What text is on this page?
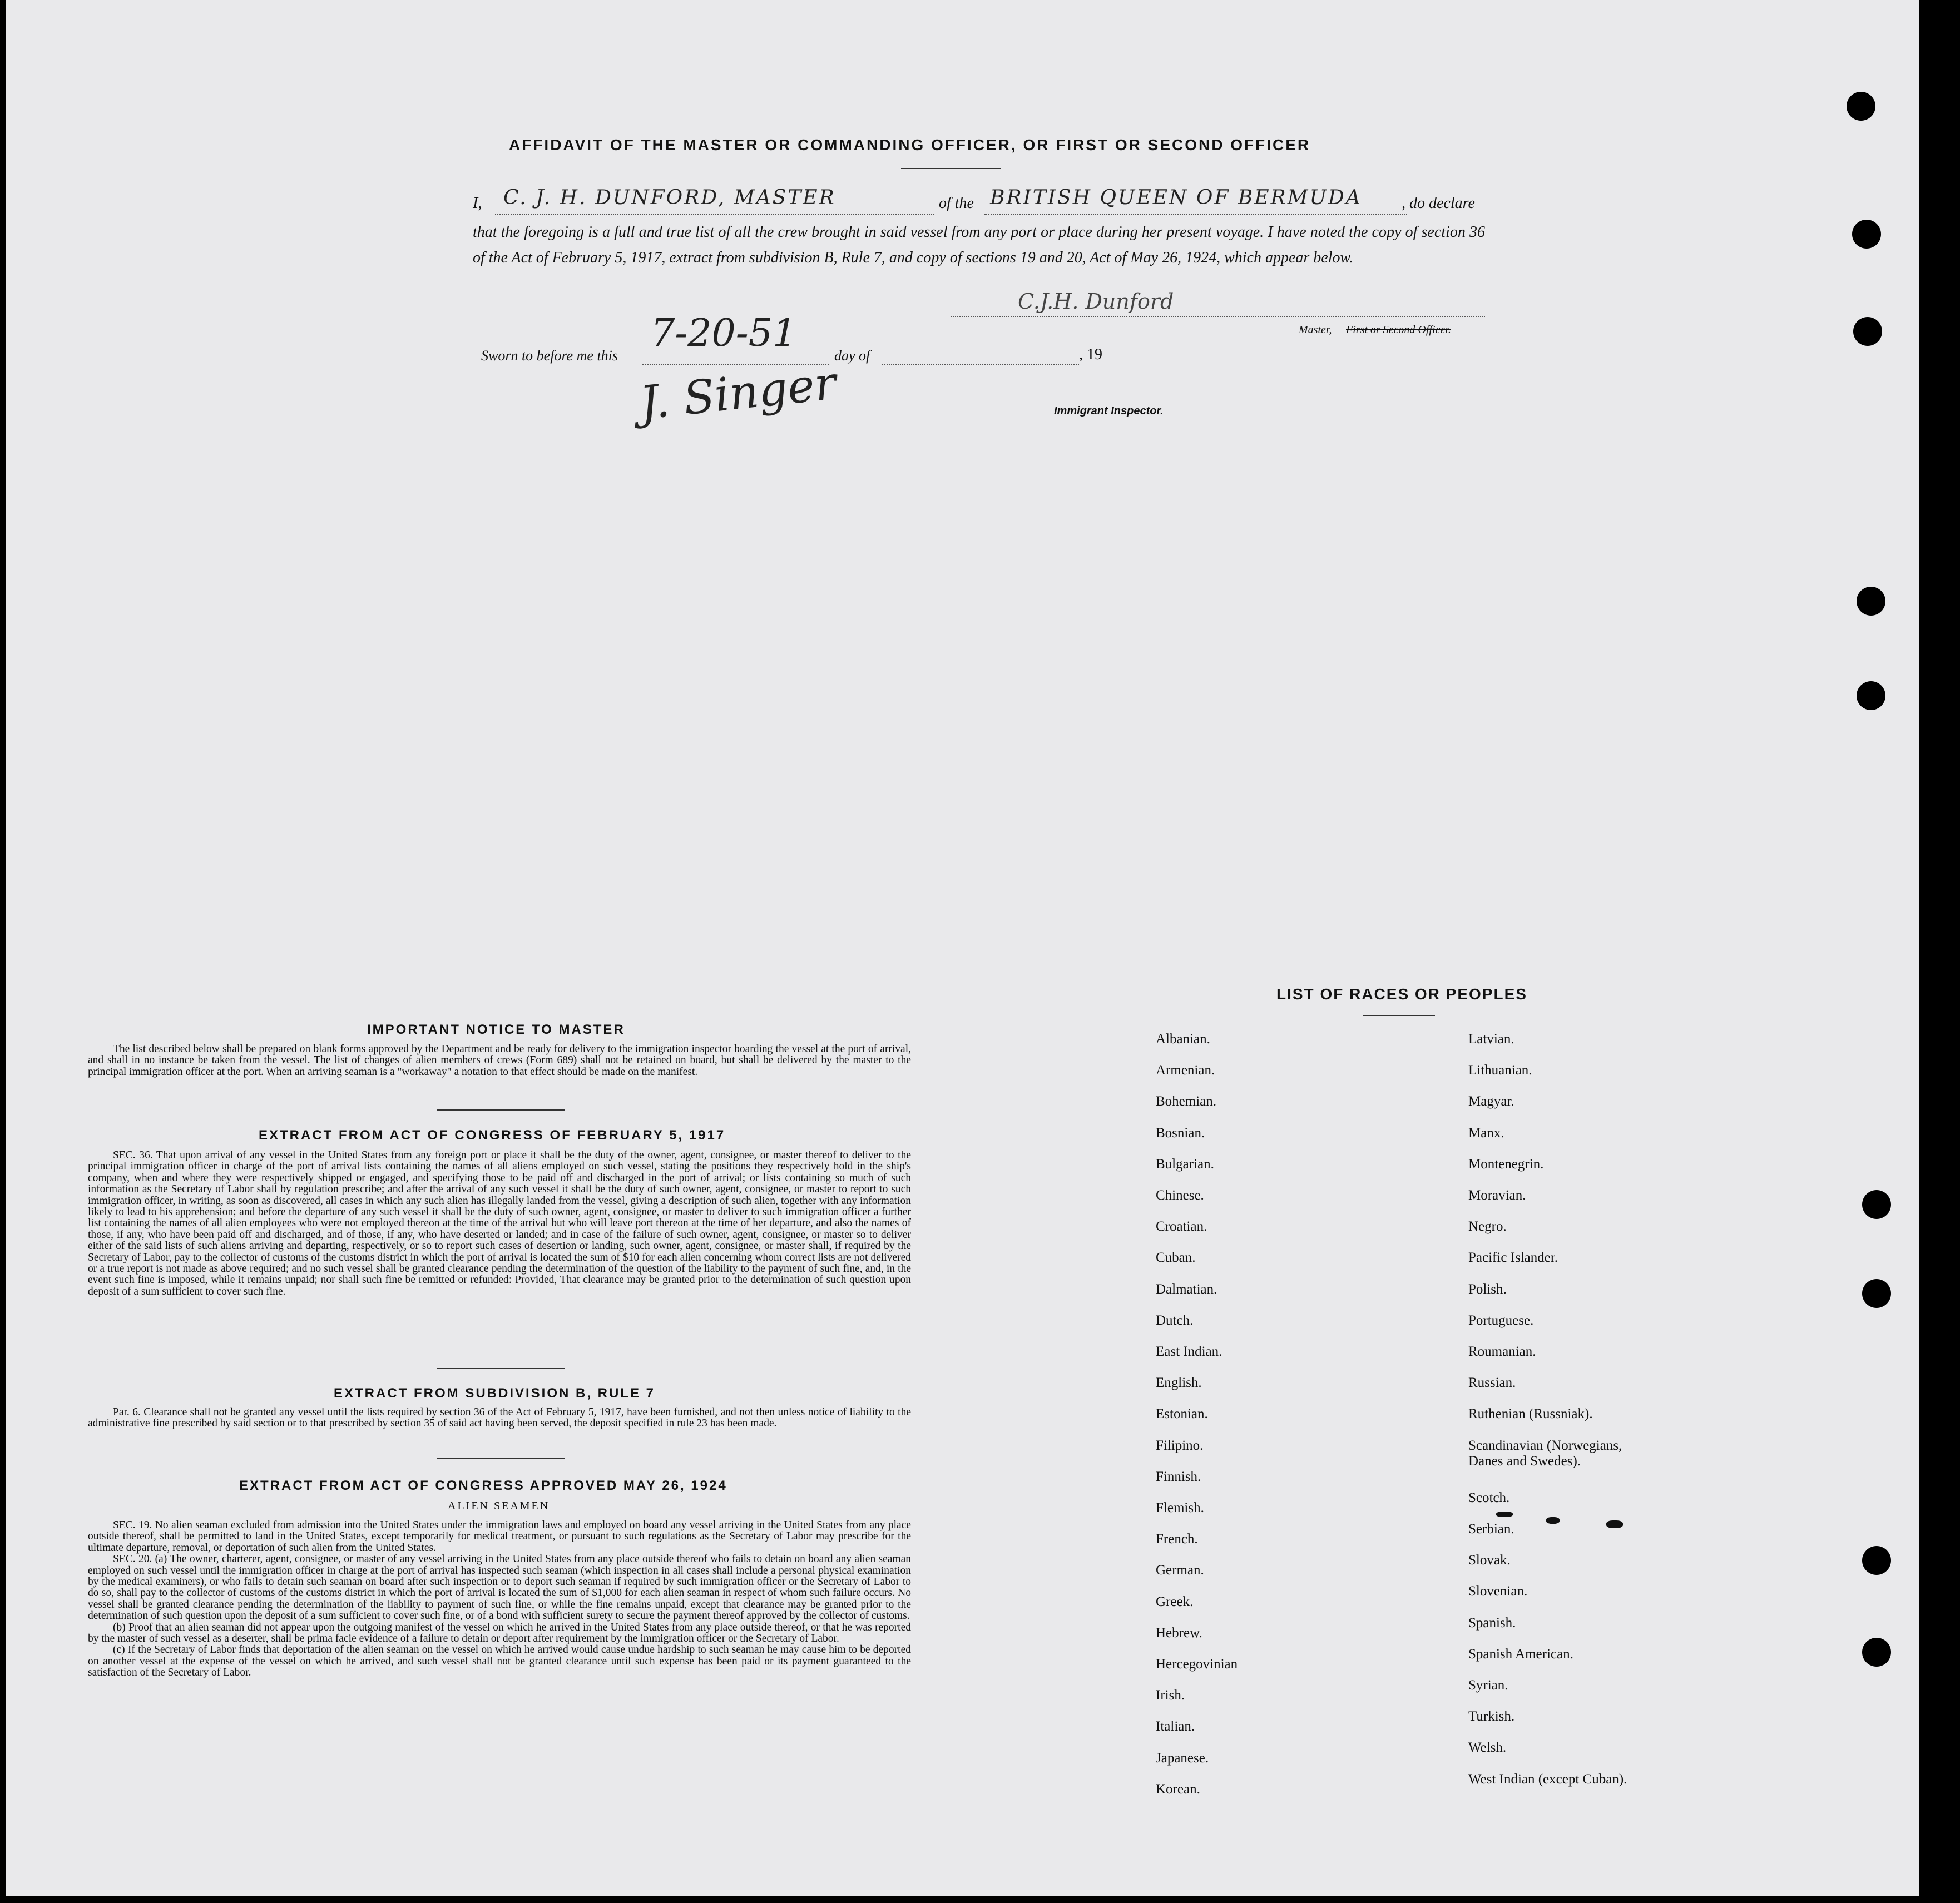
AFFIDAVIT OF THE MASTER OR COMMANDING OFFICER, OR FIRST OR SECOND OFFICER
I, C. J. H. DUNFORD, MASTER	of the BRITISH QUEEN OF BERMUDA	, do declare
that the foregoing is a full and true list of all the crew brought in said vessel from any port or place during her present voyage. I have noted the copy of section 36 of the Act of February 5, 1917, extract from subdivision B, Rule 7, and copy of sections 19 and 20, Act of May 26, 1924, which appear below.
C.J.H. Dunford
Master, First or Second Officer.
Sworn to before me this
7-20-51
day of	, 19
J. Singer	Immigrant Inspector.
IMPORTANT NOTICE TO MASTER

The list described below shall be prepared on blank forms approved by the Department and be ready for delivery to the immigration inspector boarding the vessel at the port of arrival, and shall in no instance be taken from the vessel. The list of changes of alien members of crews (Form 689) shall not be retained on board, but shall be delivered by the master to the principal immigration officer at the port. When an arriving seaman is a "workaway" a notation to that effect should be made on the manifest.

EXTRACT FROM ACT OF CONGRESS OF FEBRUARY 5, 1917

SEC. 36. That upon arrival of any vessel in the United States from any foreign port or place it shall be the duty of the owner, agent, consignee, or master thereof to deliver to the principal immigration officer in charge of the port of arrival lists containing the names of all aliens employed on such vessel, stating the positions they respectively hold in the ship's company, when and where they were respectively shipped or engaged, and specifying those to be paid off and discharged in the port of arrival; or lists containing so much of such information as the Secretary of Labor shall by regulation prescribe; and after the arrival of any such vessel it shall be the duty of such owner, agent, consignee, or master to report to such immigration officer, in writing, as soon as discovered, all cases in which any such alien has illegally landed from the vessel, giving a description of such alien, together with any information likely to lead to his apprehension; and before the departure of any such vessel it shall be the duty of such owner, agent, consignee, or master to deliver to such immigration officer a further list containing the names of all alien employees who were not employed thereon at the time of the arrival but who will leave port thereon at the time of her departure, and also the names of those, if any, who have been paid off and discharged, and of those, if any, who have deserted or landed; and in case of the failure of such owner, agent, consignee, or master so to deliver either of the said lists of such aliens arriving and departing, respectively, or so to report such cases of desertion or landing, such owner, agent, consignee, or master shall, if required by the Secretary of Labor, pay to the collector of customs of the customs district in which the port of arrival is located the sum of $10 for each alien concerning whom correct lists are not delivered or a true report is not made as above required; and no such vessel shall be granted clearance pending the determination of the question of the liability to the payment of such fine, and, in the event such fine is imposed, while it remains unpaid; nor shall such fine be remitted or refunded: Provided, That clearance may be granted prior to the determination of such question upon deposit of a sum sufficient to cover such fine.

EXTRACT FROM SUBDIVISION B, RULE 7

Par. 6. Clearance shall not be granted any vessel until the lists required by section 36 of the Act of February 5, 1917, have been furnished, and not then unless notice of liability to the administrative fine prescribed by said section or to that prescribed by section 35 of said act having been served, the deposit specified in rule 23 has been made.

EXTRACT FROM ACT OF CONGRESS APPROVED MAY 26, 1924
ALIEN SEAMEN

SEC. 19. No alien seaman excluded from admission into the United States under the immigration laws and employed on board any vessel arriving in the United States from any place outside thereof, shall be permitted to land in the United States, except temporarily for medical treatment, or pursuant to such regulations as the Secretary of Labor may prescribe for the ultimate departure, removal, or deportation of such alien from the United States.

SEC. 20. (a) The owner, charterer, agent, consignee, or master of any vessel arriving in the United States from any place outside thereof who fails to detain on board any alien seaman employed on such vessel until the immigration officer in charge at the port of arrival has inspected such seaman (which inspection in all cases shall include a personal physical examination by the medical examiners), or who fails to detain such seaman on board after such inspection or to deport such seaman if required by such immigration officer or the Secretary of Labor to do so, shall pay to the collector of customs of the customs district in which the port of arrival is located the sum of $1,000 for each alien seaman in respect of whom such failure occurs. No vessel shall be granted clearance pending the determination of the liability to payment of such fine, or while the fine remains unpaid, except that clearance may be granted prior to the determination of such question upon the deposit of a sum sufficient to cover such fine, or of a bond with sufficient surety to secure the payment thereof approved by the collector of customs.

(b) Proof that an alien seaman did not appear upon the outgoing manifest of the vessel on which he arrived in the United States from any place outside thereof, or that he was reported by the master of such vessel as a deserter, shall be prima facie evidence of a failure to detain or deport after requirement by the immigration officer or the Secretary of Labor.

(c) If the Secretary of Labor finds that deportation of the alien seaman on the vessel on which he arrived would cause undue hardship to such seaman he may cause him to be deported on another vessel at the expense of the vessel on which he arrived, and such vessel shall not be granted clearance until such expense has been paid or its payment guaranteed to the satisfaction of the Secretary of Labor.

LIST OF RACES OR PEOPLES
Albanian.
Armenian.
Bohemian.
Bosnian.
Bulgarian.
Chinese.
Croatian.
Cuban.
Dalmatian.
Dutch.
East Indian.
English.
Estonian.
Filipino.
Finnish.
Flemish.
French.
German.
Greek.
Hebrew.
Hercegovinian
Irish.
Italian.
Japanese.
Korean.
Latvian.
Lithuanian.
Magyar.
Manx.
Montenegrin.
Moravian.
Negro.
Pacific Islander.
Polish.
Portuguese.
Roumanian.
Russian.
Ruthenian (Russniak).
Scandinavian (Norwegians, Danes and Swedes).
Scotch.
Serbian.
Slovak.
Slovenian.
Spanish.
Spanish American.
Syrian.
Turkish.
Welsh.
West Indian (except Cuban).
